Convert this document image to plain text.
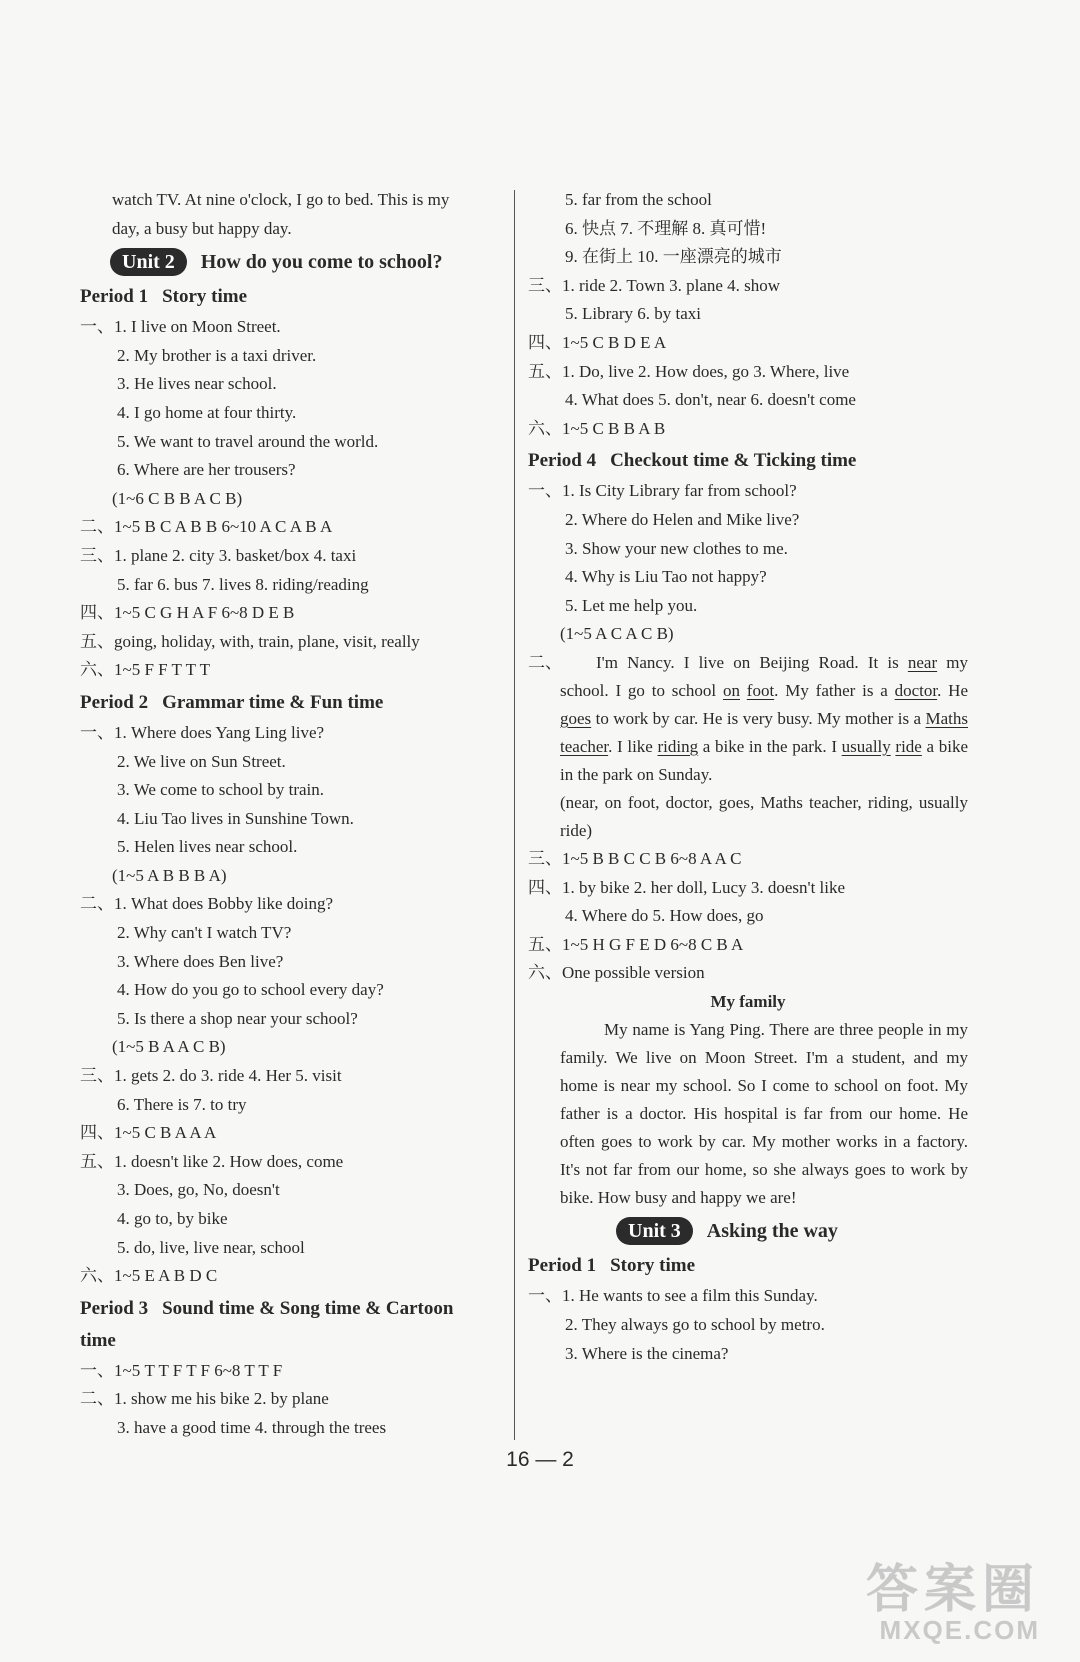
watch TV. At nine o'clock, I go to bed. This is my
day, a busy but happy day.
Unit 2 How do you come to school?
Period 1 Story time
一、1. I live on Moon Street.
2. My brother is a taxi driver.
3. He lives near school.
4. I go home at four thirty.
5. We want to travel around the world.
6. Where are her trousers?
(1~6 C B B A C B)
二、1~5 B C A B B 6~10 A C A B A
三、1. plane 2. city 3. basket/box 4. taxi
5. far 6. bus 7. lives 8. riding/reading
四、1~5 C G H A F 6~8 D E B
五、going, holiday, with, train, plane, visit, really
六、1~5 F F T T T
Period 2 Grammar time & Fun time
一、1. Where does Yang Ling live?
2. We live on Sun Street.
3. We come to school by train.
4. Liu Tao lives in Sunshine Town.
5. Helen lives near school.
(1~5 A B B B A)
二、1. What does Bobby like doing?
2. Why can't I watch TV?
3. Where does Ben live?
4. How do you go to school every day?
5. Is there a shop near your school?
(1~5 B A A C B)
三、1. gets 2. do 3. ride 4. Her 5. visit
6. There is 7. to try
四、1~5 C B A A A
五、1. doesn't like 2. How does, come
3. Does, go, No, doesn't
4. go to, by bike
5. do, live, live near, school
六、1~5 E A B D C
Period 3 Sound time & Song time & Cartoon
time
一、1~5 T T F T F 6~8 T T F
二、1. show me his bike 2. by plane
3. have a good time 4. through the trees
5. far from the school
6. 快点 7. 不理解 8. 真可惜!
9. 在街上 10. 一座漂亮的城市
三、1. ride 2. Town 3. plane 4. show
5. Library 6. by taxi
四、1~5 C B D E A
五、1. Do, live 2. How does, go 3. Where, live
4. What does 5. don't, near 6. doesn't come
六、1~5 C B B A B
Period 4 Checkout time & Ticking time
一、1. Is City Library far from school?
2. Where do Helen and Mike live?
3. Show your new clothes to me.
4. Why is Liu Tao not happy?
5. Let me help you.
(1~5 A C A C B)
二、	I'm Nancy. I live on Beijing Road. It is near my school. I go to school on foot. My father is a doctor. He goes to work by car. He is very busy. My mother is a Maths teacher. I like riding a bike in the park. I usually ride a bike in the park on Sunday.
(near, on foot, doctor, goes, Maths teacher, riding, usually ride)
三、1~5 B B C C B 6~8 A A C
四、1. by bike 2. her doll, Lucy 3. doesn't like
4. Where do 5. How does, go
五、1~5 H G F E D 6~8 C B A
六、One possible version
My family
My name is Yang Ping. There are three people in my family. We live on Moon Street. I'm a student, and my home is near my school. So I come to school on foot. My father is a doctor. His hospital is far from our home. He often goes to work by car. My mother works in a factory. It's not far from our home, so she always goes to work by bike. How busy and happy we are!
Unit 3 Asking the way
Period 1 Story time
一、1. He wants to see a film this Sunday.
2. They always go to school by metro.
3. Where is the cinema?
16 — 2
答案圈
MXQE.COM
